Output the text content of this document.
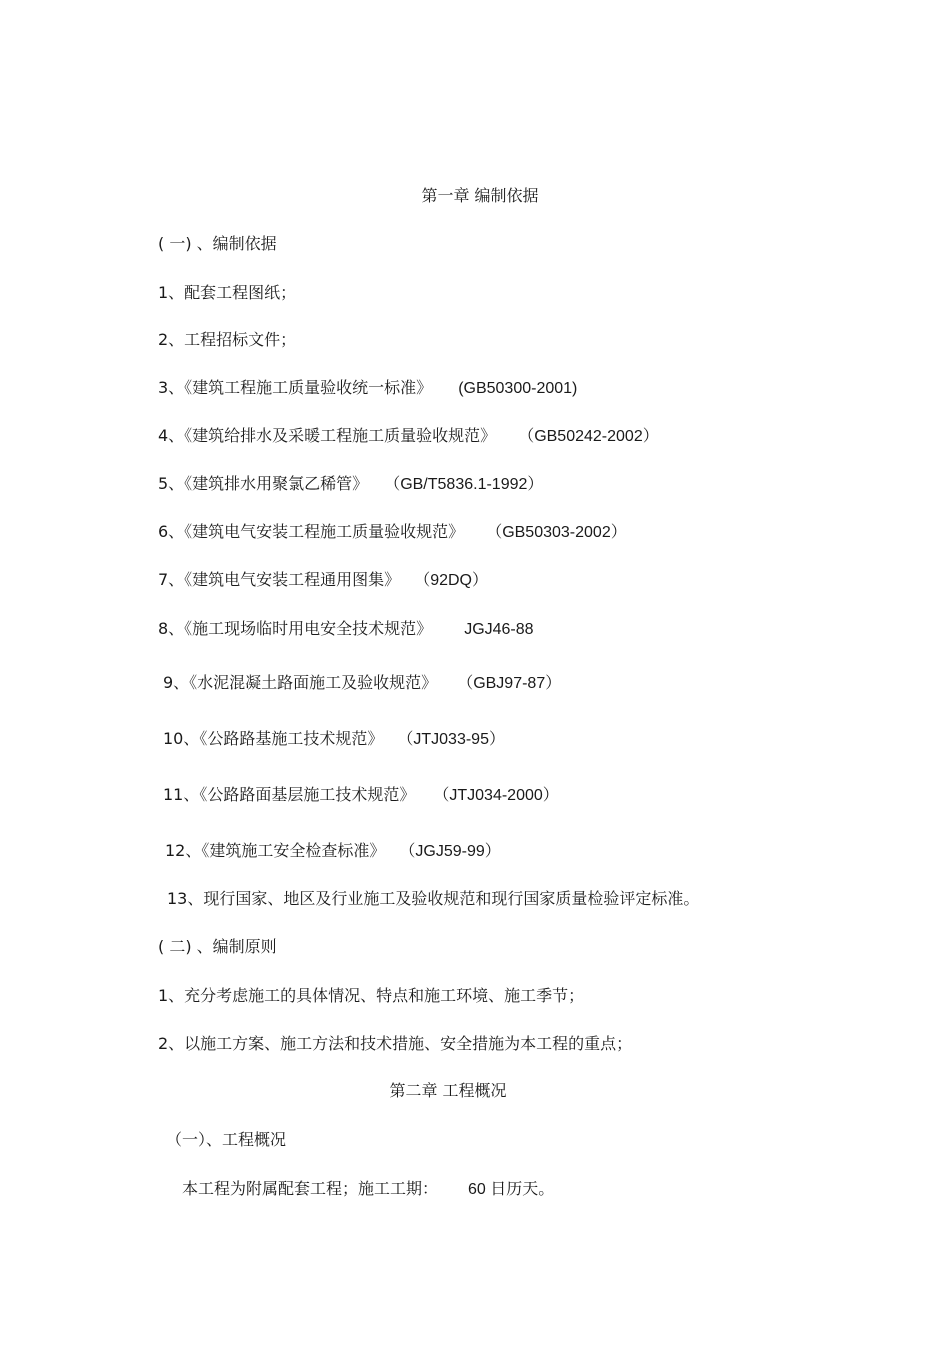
第一章 编制依据
( 一) 、编制依据
1、配套工程图纸；
2、工程招标文件；
3、《建筑工程施工质量验收统一标准》 (GB50300-2001)
4、《建筑给排水及采暖工程施工质量验收规范》 （GB50242-2002）
5、《建筑排水用聚氯乙稀管》 （GB/T5836.1-1992）
6、《建筑电气安装工程施工质量验收规范》 （GB50303-2002）
7、《建筑电气安装工程通用图集》 （92DQ）
8、《施工现场临时用电安全技术规范》 JGJ46-88
9、《水泥混凝土路面施工及验收规范》 （GBJ97-87）
10、《公路路基施工技术规范》 （JTJ033-95）
11、《公路路面基层施工技术规范》 （JTJ034-2000）
12、《建筑施工安全检查标准》 （JGJ59-99）
13、现行国家、地区及行业施工及验收规范和现行国家质量检验评定标准。
( 二) 、编制原则
1、充分考虑施工的具体情况、特点和施工环境、施工季节；
2、以施工方案、施工方法和技术措施、安全措施为本工程的重点；
第二章 工程概况
（一）、工程概况
本工程为附属配套工程；施工工期： 60 日历天。
